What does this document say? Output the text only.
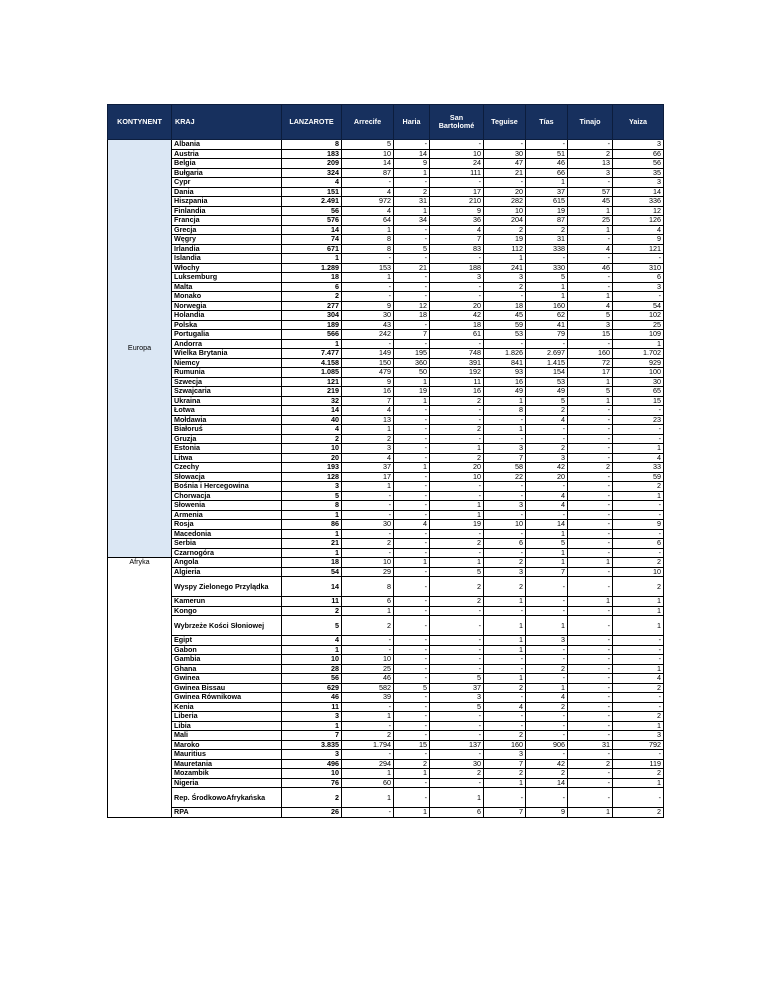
KONTYNENT	KRAJ	LANZAROTE	Arrecife	Haria	San Bartolomé	Teguise	Tías	Tinajo	Yaiza
Europa	Albania	8	5	-	-	-	-	-	3
	Austria	183	10	14	10	30	51	2	66
	Belgia	209	14	9	24	47	46	13	56
	Bułgaria	324	87	1	111	21	66	3	35
	Cypr	4	-	-	-	-	1	-	3
	Dania	151	4	2	17	20	37	57	14
	Hiszpania	2.491	972	31	210	282	615	45	336
	Finlandia	56	4	1	9	10	19	1	12
	Francja	576	64	34	36	204	87	25	126
	Grecja	14	1	-	4	2	2	1	4
	Węgry	74	8	-	7	19	31	-	9
	Irlandia	671	8	5	83	112	338	4	121
	Islandia	1	-	-	-	1	-	-	-
	Włochy	1.289	153	21	188	241	330	46	310
	Luksemburg	18	1	-	3	3	5	-	6
	Malta	6	-	-	-	2	1	-	3
	Monako	2	-	-	-	-	1	1	-
	Norwegia	277	9	12	20	18	160	4	54
	Holandia	304	30	18	42	45	62	5	102
	Polska	189	43	-	18	59	41	3	25
	Portugalia	566	242	7	61	53	79	15	109
	Andorra	1	-	-	-	-	-	-	1
	Wielka Brytania	7.477	149	195	748	1.826	2.697	160	1.702
	Niemcy	4.158	150	360	391	841	1.415	72	929
	Rumunia	1.085	479	50	192	93	154	17	100
	Szwecja	121	9	1	11	16	53	1	30
	Szwajcaria	219	16	19	16	49	49	5	65
	Ukraina	32	7	1	2	1	5	1	15
	Łotwa	14	4	-	-	8	2	-	-
	Mołdawia	40	13	-	-	-	4	-	23
	Białoruś	4	1	-	2	1	-	-	-
	Gruzja	2	2	-	-	-	-	-	-
	Estonia	10	3	-	1	3	2	-	1
	Litwa	20	4	-	2	7	3	-	4
	Czechy	193	37	1	20	58	42	2	33
	Słowacja	128	17	-	10	22	20	-	59
	Bośnia i Hercegowina	3	1	-	-	-	-	-	2
	Chorwacja	5	-	-	-	-	4	-	1
	Słowenia	8	-	-	1	3	4	-	-
	Armenia	1	-	-	1	-	-	-	-
	Rosja	86	30	4	19	10	14	-	9
	Macedonia	1	-	-	-	-	1	-	-
	Serbia	21	2	-	2	6	5	-	6
	Czarnogóra	1	-	-	-	-	1	-	-
Afryka	Angola	18	10	1	1	2	1	1	2
	Algieria	54	29	-	5	3	7	-	10
	Wyspy Zielonego Przylądka	14	8	-	2	2	-	-	2
	Kamerun	11	6	-	2	1	-	1	1
	Kongo	2	1	-	-	-	-	-	1
	Wybrzeże Kości Słoniowej	5	2	-	-	1	1	-	1
	Egipt	4	-	-	-	1	3	-	-
	Gabon	1	-	-	-	1	-	-	-
	Gambia	10	10	-	-	-	-	-	-
	Ghana	28	25	-	-	-	2	-	1
	Gwinea	56	46	-	5	1	-	-	4
	Gwinea Bissau	629	582	5	37	2	1	-	2
	Gwinea Równikowa	46	39	-	3	-	4	-	-
	Kenia	11	-	-	5	4	2	-	-
	Liberia	3	1	-	-	-	-	-	2
	Libia	1	-	-	-	-	-	-	1
	Mali	7	2	-	-	2	-	-	3
	Maroko	3.835	1.794	15	137	160	906	31	792
	Mauritius	3	-	-	-	3	-	-	-
	Mauretania	496	294	2	30	7	42	2	119
	Mozambik	10	1	1	2	2	2	-	2
	Nigeria	76	60	-	-	1	14	-	1
	Rep. ŚrodkowoAfrykańska	2	1	-	1	-	-	-	-
	RPA	26	-	1	6	7	9	1	2
